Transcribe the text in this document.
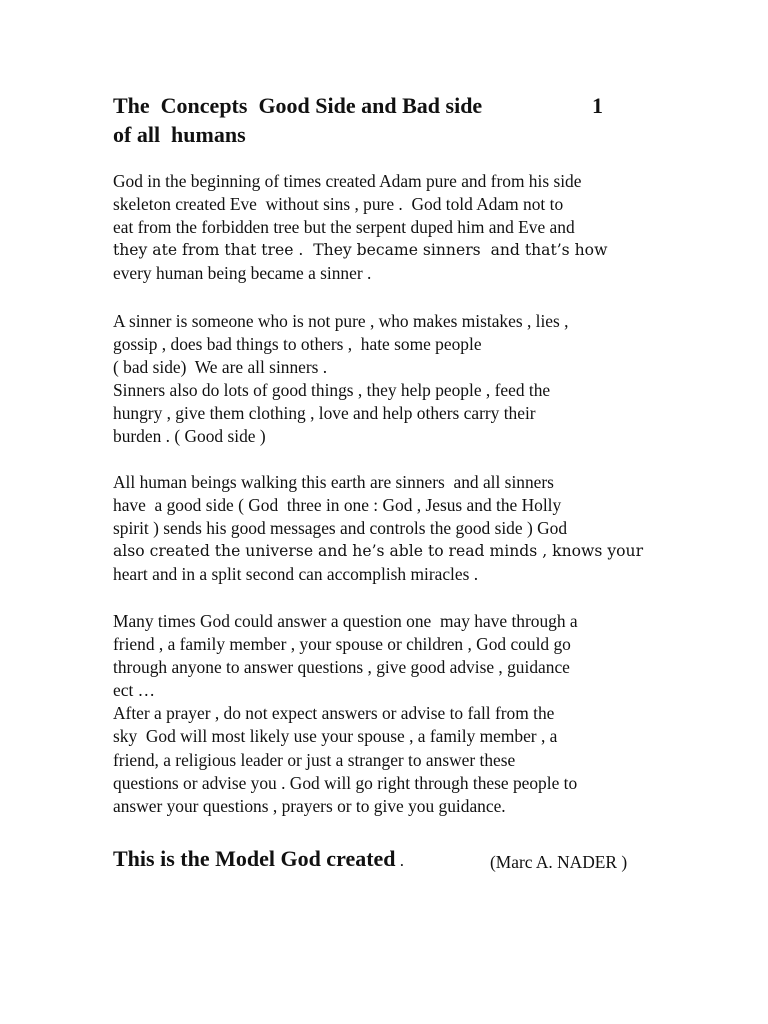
The  Concepts  Good Side and Bad side	1
of all  humans
God in the beginning of times created Adam pure and from his side
skeleton created Eve  without sins , pure .  God told Adam not to
eat from the forbidden tree but the serpent duped him and Eve and
they ate from that tree .  They became sinners  and that’s how
every human being became a sinner .
A sinner is someone who is not pure , who makes mistakes , lies ,
gossip , does bad things to others ,  hate some people
( bad side)  We are all sinners .
Sinners also do lots of good things , they help people , feed the
hungry , give them clothing , love and help others carry their
burden . ( Good side )
All human beings walking this earth are sinners  and all sinners
have  a good side ( God  three in one : God , Jesus and the Holly
spirit ) sends his good messages and controls the good side ) God
also created the universe and he’s able to read minds , knows your
heart and in a split second can accomplish miracles .
Many times God could answer a question one  may have through a
friend , a family member , your spouse or children , God could go
through anyone to answer questions , give good advise , guidance
ect …
After a prayer , do not expect answers or advise to fall from the
sky  God will most likely use your spouse , a family member , a
friend, a religious leader or just a stranger to answer these
questions or advise you . God will go right through these people to
answer your questions , prayers or to give you guidance.
This is the Model God created .	(Marc A. NADER )
